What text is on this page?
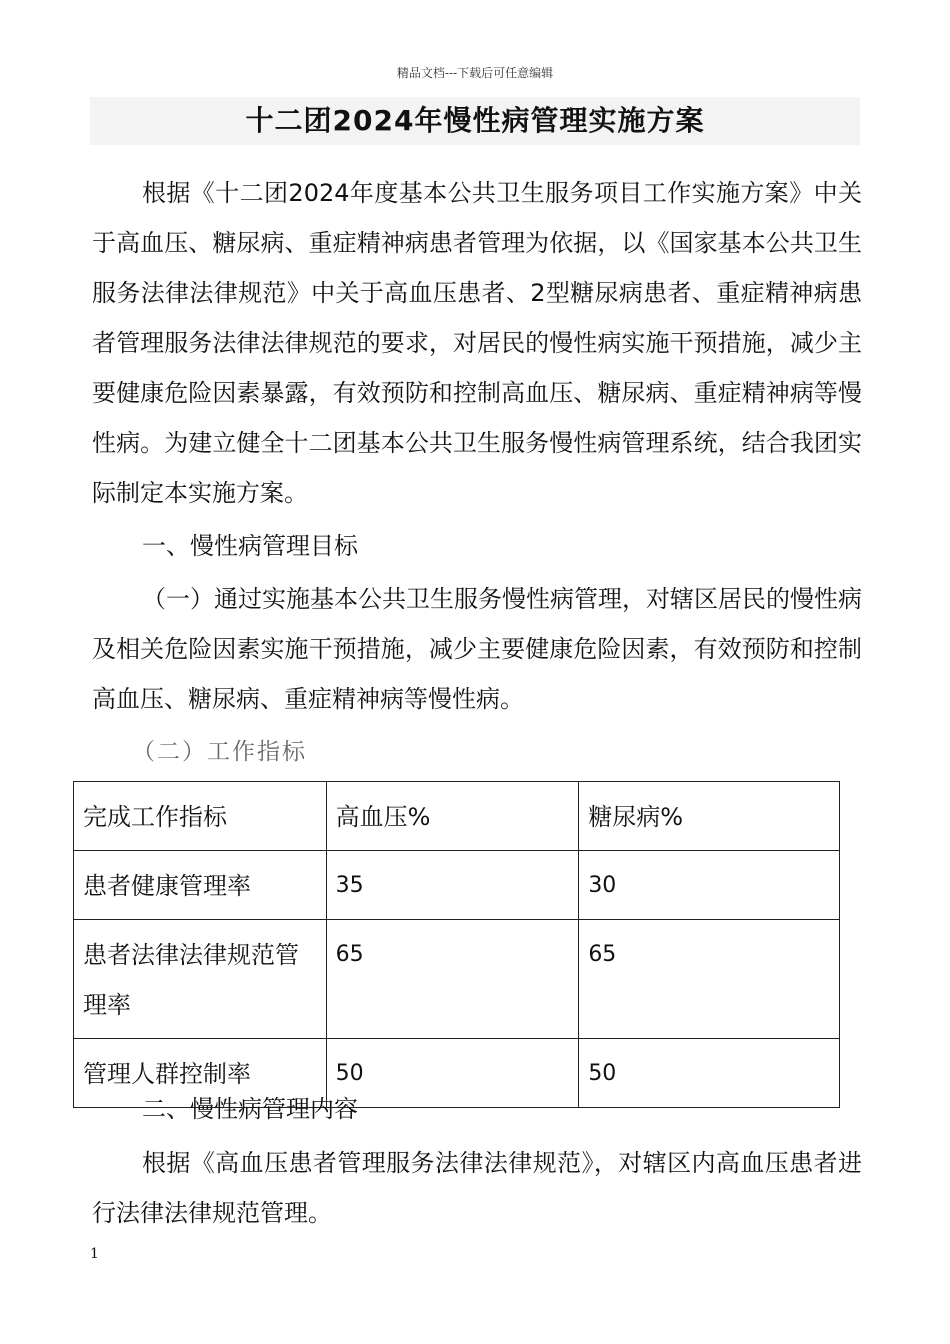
精品文档---下载后可任意编辑
十二团2024年慢性病管理实施方案

根据《十二团2024年度基本公共卫生服务项目工作实施方案》中关于高血压、糖尿病、重症精神病患者管理为依据，以《国家基本公共卫生服务法律法律规范》中关于高血压患者、2型糖尿病患者、重症精神病患者管理服务法律法律规范的要求，对居民的慢性病实施干预措施，减少主要健康危险因素暴露，有效预防和控制高血压、糖尿病、重症精神病等慢性病。为建立健全十二团基本公共卫生服务慢性病管理系统，结合我团实际制定本实施方案。

一、慢性病管理目标

（一）通过实施基本公共卫生服务慢性病管理，对辖区居民的慢性病及相关危险因素实施干预措施，减少主要健康危险因素，有效预防和控制高血压、糖尿病、重症精神病等慢性病。

（二）工作指标

完成工作指标	高血压%	糖尿病%
患者健康管理率	35	30
患者法律法律规范管理率	65	65
管理人群控制率	50	50

二、慢性病管理内容

根据《高血压患者管理服务法律法律规范》，对辖区内高血压患者进行法律法律规范管理。

1
